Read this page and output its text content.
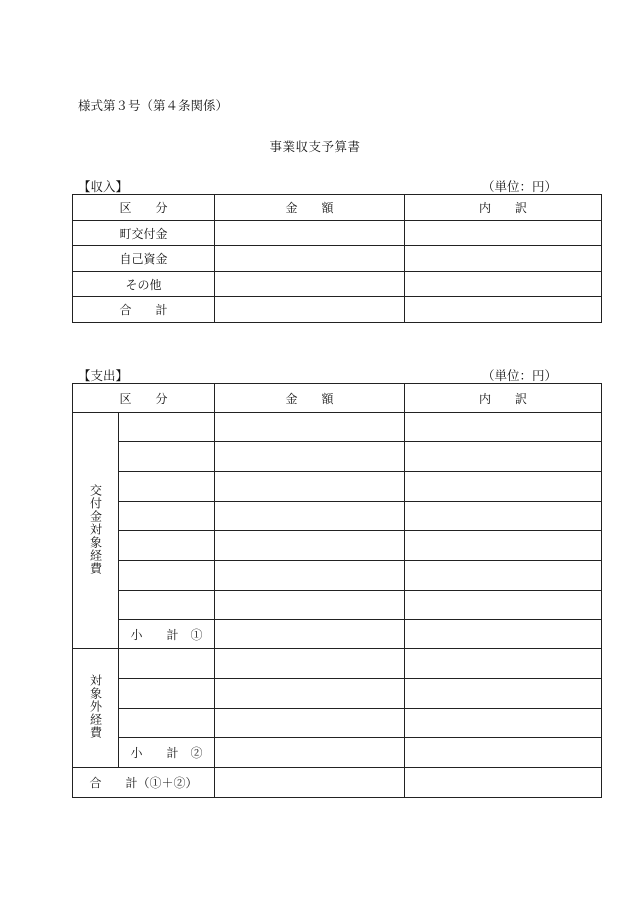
様式第３号（第４条関係）
事業収支予算書
【収入】	（単位：円）
区　　分	金　　額	内　　訳
町交付金		
自己資金		
その他		
合　　計		
【支出】	（単位：円）
区　　分		金　　額	内　　訳
交付金対象経費			

	小　　計　①		
対象外経費			

	小　　計　②		
合　　計（①＋②）			
